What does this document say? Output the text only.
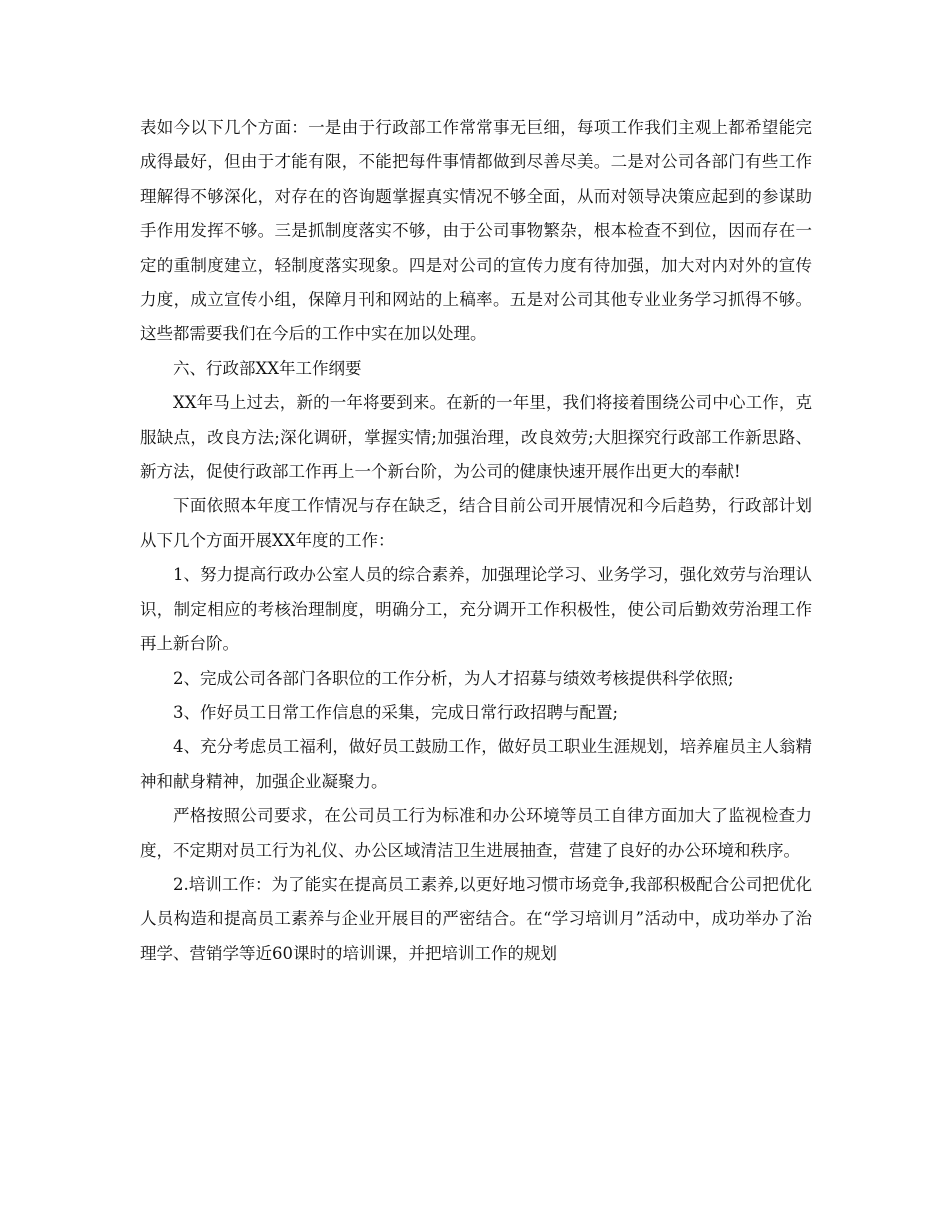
表如今以下几个方面：一是由于行政部工作常常事无巨细，每项工作我们主观上都希望能完成得最好，但由于才能有限，不能把每件事情都做到尽善尽美。二是对公司各部门有些工作理解得不够深化，对存在的咨询题掌握真实情况不够全面，从而对领导决策应起到的参谋助手作用发挥不够。三是抓制度落实不够，由于公司事物繁杂，根本检查不到位，因而存在一定的重制度建立，轻制度落实现象。四是对公司的宣传力度有待加强，加大对内对外的宣传力度，成立宣传小组，保障月刊和网站的上稿率。五是对公司其他专业业务学习抓得不够。这些都需要我们在今后的工作中实在加以处理。

六、行政部XX年工作纲要

XX年马上过去，新的一年将要到来。在新的一年里，我们将接着围绕公司中心工作，克服缺点，改良方法;深化调研，掌握实情;加强治理，改良效劳;大胆探究行政部工作新思路、新方法，促使行政部工作再上一个新台阶，为公司的健康快速开展作出更大的奉献!

下面依照本年度工作情况与存在缺乏，结合目前公司开展情况和今后趋势，行政部计划从下几个方面开展XX年度的工作：

1、努力提高行政办公室人员的综合素养，加强理论学习、业务学习，强化效劳与治理认识，制定相应的考核治理制度，明确分工，充分调开工作积极性，使公司后勤效劳治理工作再上新台阶。

2、完成公司各部门各职位的工作分析，为人才招募与绩效考核提供科学依照;

3、作好员工日常工作信息的采集，完成日常行政招聘与配置;

4、充分考虑员工福利，做好员工鼓励工作，做好员工职业生涯规划，培养雇员主人翁精神和献身精神，加强企业凝聚力。

严格按照公司要求，在公司员工行为标准和办公环境等员工自律方面加大了监视检查力度，不定期对员工行为礼仪、办公区域清洁卫生进展抽查，营建了良好的办公环境和秩序。

2.培训工作：为了能实在提高员工素养,以更好地习惯市场竞争,我部积极配合公司把优化人员构造和提高员工素养与企业开展目的严密结合。在“学习培训月”活动中，成功举办了治理学、营销学等近60课时的培训课，并把培训工作的规划
